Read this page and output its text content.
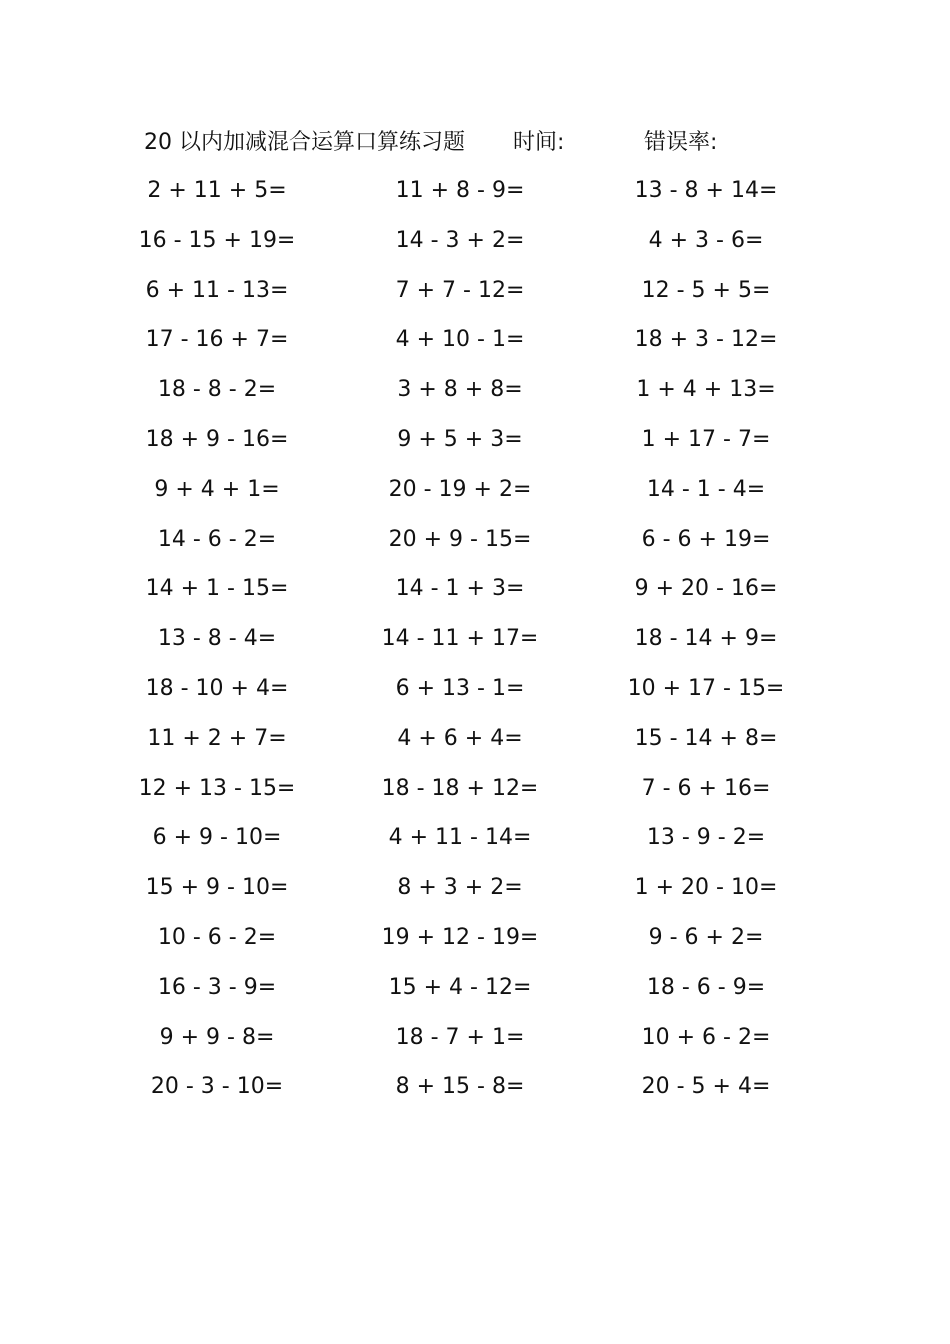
20 以内加减混合运算口算练习题 时间:	错误率:
2 + 11 + 5=	11 + 8 - 9=	13 - 8 + 14=
16 - 15 + 19=	14 - 3 + 2=	4 + 3 - 6=
6 + 11 - 13=	7 + 7 - 12=	12 - 5 + 5=
17 - 16 + 7=	4 + 10 - 1=	18 + 3 - 12=
18 - 8 - 2=	3 + 8 + 8=	1 + 4 + 13=
18 + 9 - 16=	9 + 5 + 3=	1 + 17 - 7=
9 + 4 + 1=	20 - 19 + 2=	14 - 1 - 4=
14 - 6 - 2=	20 + 9 - 15=	6 - 6 + 19=
14 + 1 - 15=	14 - 1 + 3=	9 + 20 - 16=
13 - 8 - 4=	14 - 11 + 17=	18 - 14 + 9=
18 - 10 + 4=	6 + 13 - 1=	10 + 17 - 15=
11 + 2 + 7=	4 + 6 + 4=	15 - 14 + 8=
12 + 13 - 15=	18 - 18 + 12=	7 - 6 + 16=
6 + 9 - 10=	4 + 11 - 14=	13 - 9 - 2=
15 + 9 - 10=	8 + 3 + 2=	1 + 20 - 10=
10 - 6 - 2=	19 + 12 - 19=	9 - 6 + 2=
16 - 3 - 9=	15 + 4 - 12=	18 - 6 - 9=
9 + 9 - 8=	18 - 7 + 1=	10 + 6 - 2=
20 - 3 - 10=	8 + 15 - 8=	20 - 5 + 4=
